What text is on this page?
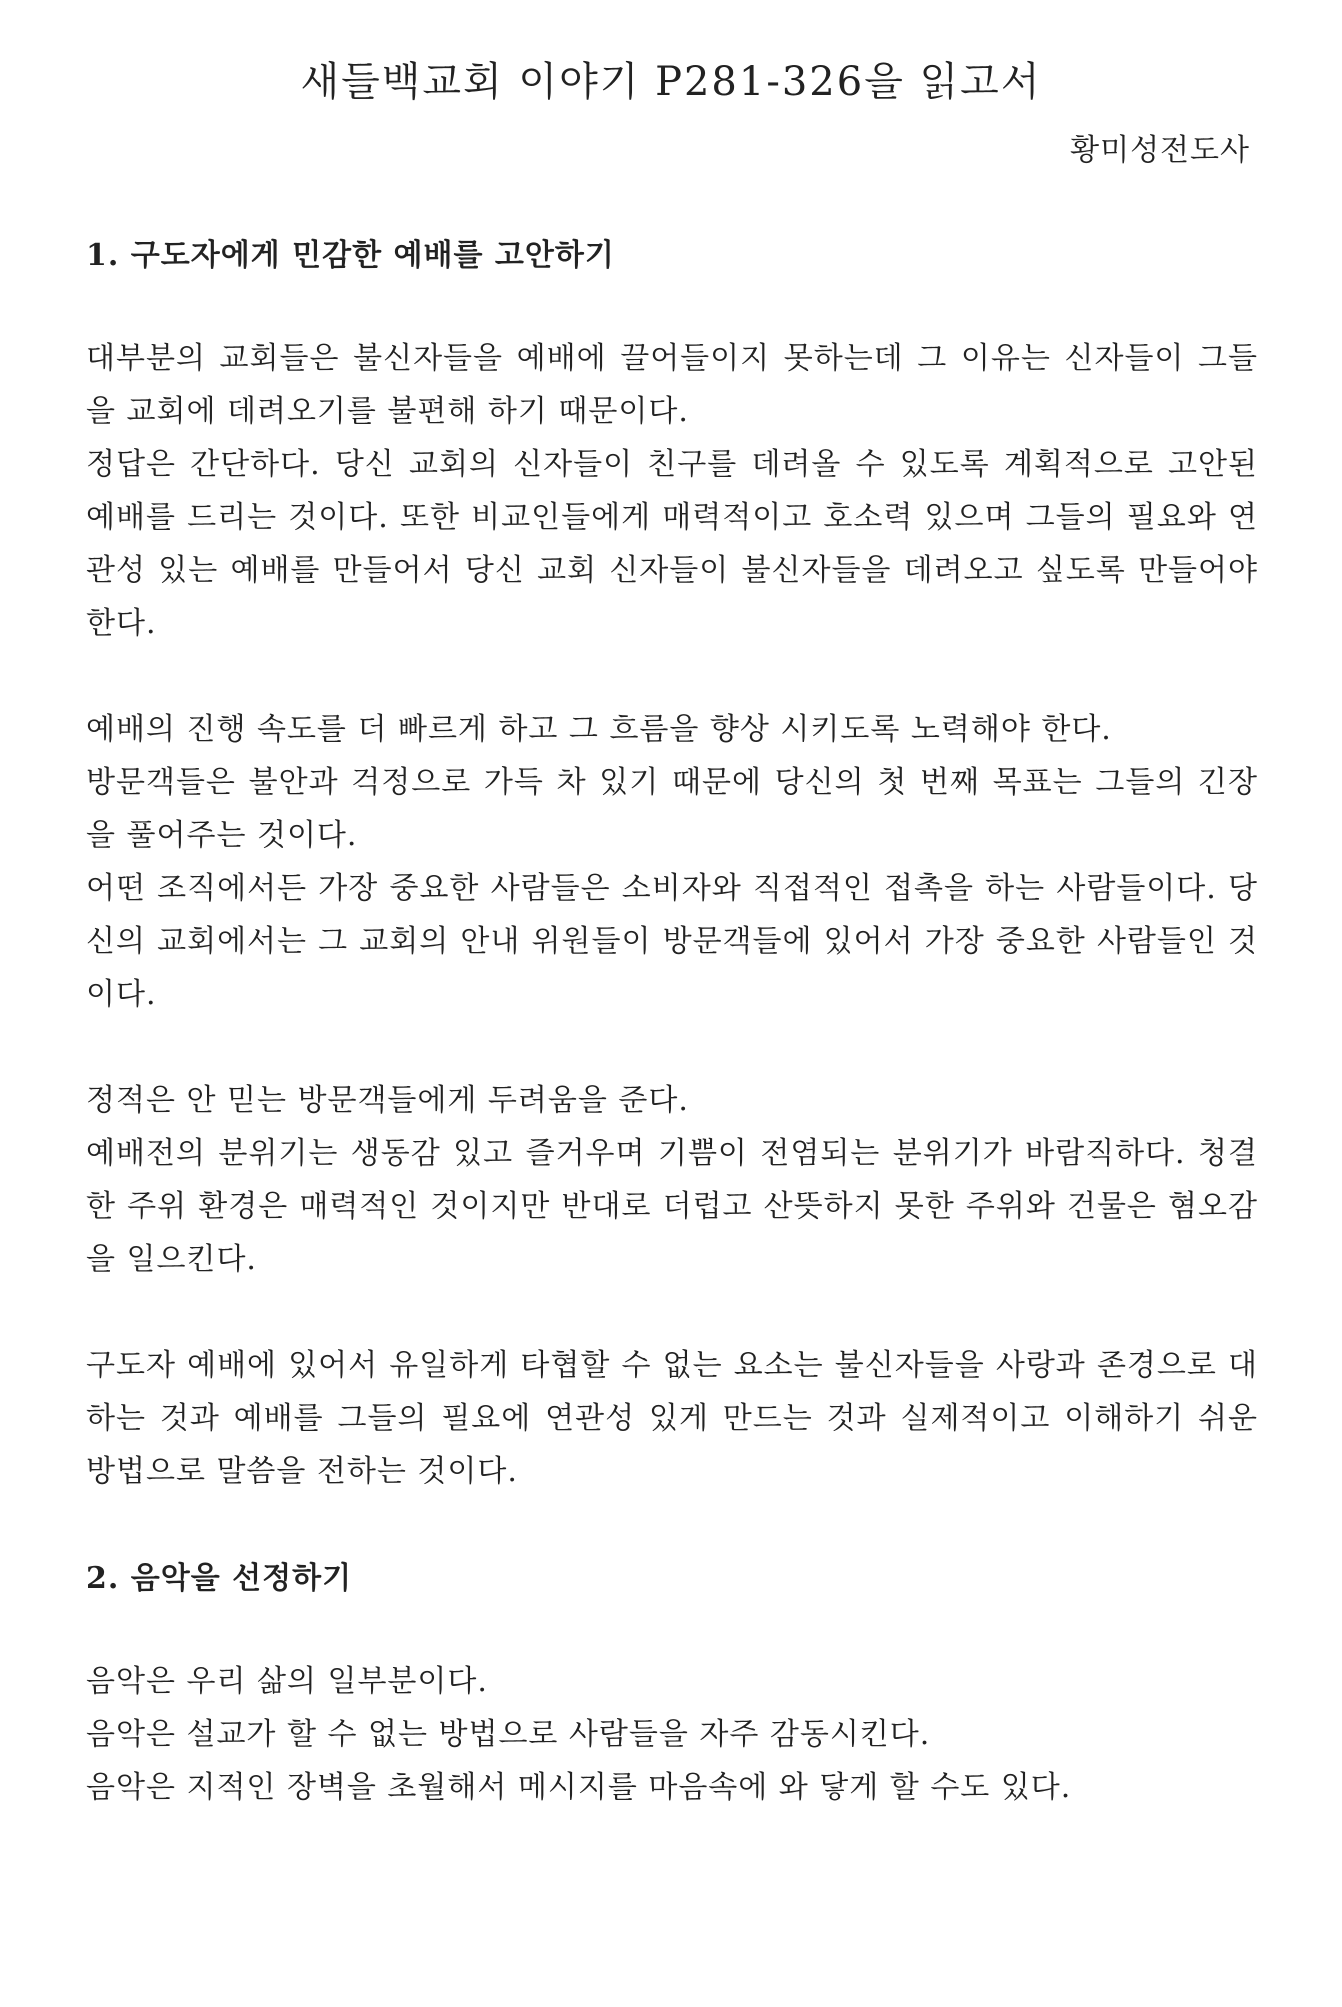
새들백교회 이야기 P281-326을 읽고서
황미성전도사
1. 구도자에게 민감한 예배를 고안하기

대부분의 교회들은 불신자들을 예배에 끌어들이지 못하는데 그 이유는 신자들이 그들을 교회에 데려오기를 불편해 하기 때문이다.

정답은 간단하다. 당신 교회의 신자들이 친구를 데려올 수 있도록 계획적으로 고안된 예배를 드리는 것이다. 또한 비교인들에게 매력적이고 호소력 있으며 그들의 필요와 연관성 있는 예배를 만들어서 당신 교회 신자들이 불신자들을 데려오고 싶도록 만들어야 한다.

예배의 진행 속도를 더 빠르게 하고 그 흐름을 향상 시키도록 노력해야 한다.

방문객들은 불안과 걱정으로 가득 차 있기 때문에 당신의 첫 번째 목표는 그들의 긴장을 풀어주는 것이다.

어떤 조직에서든 가장 중요한 사람들은 소비자와 직접적인 접촉을 하는 사람들이다. 당신의 교회에서는 그 교회의 안내 위원들이 방문객들에 있어서 가장 중요한 사람들인 것이다.

정적은 안 믿는 방문객들에게 두려움을 준다.

예배전의 분위기는 생동감 있고 즐거우며 기쁨이 전염되는 분위기가 바람직하다. 청결한 주위 환경은 매력적인 것이지만 반대로 더럽고 산뜻하지 못한 주위와 건물은 혐오감을 일으킨다.

구도자 예배에 있어서 유일하게 타협할 수 없는 요소는 불신자들을 사랑과 존경으로 대하는 것과 예배를 그들의 필요에 연관성 있게 만드는 것과 실제적이고 이해하기 쉬운 방법으로 말씀을 전하는 것이다.

2. 음악을 선정하기

음악은 우리 삶의 일부분이다.

음악은 설교가 할 수 없는 방법으로 사람들을 자주 감동시킨다.

음악은 지적인 장벽을 초월해서 메시지를 마음속에 와 닿게 할 수도 있다.
